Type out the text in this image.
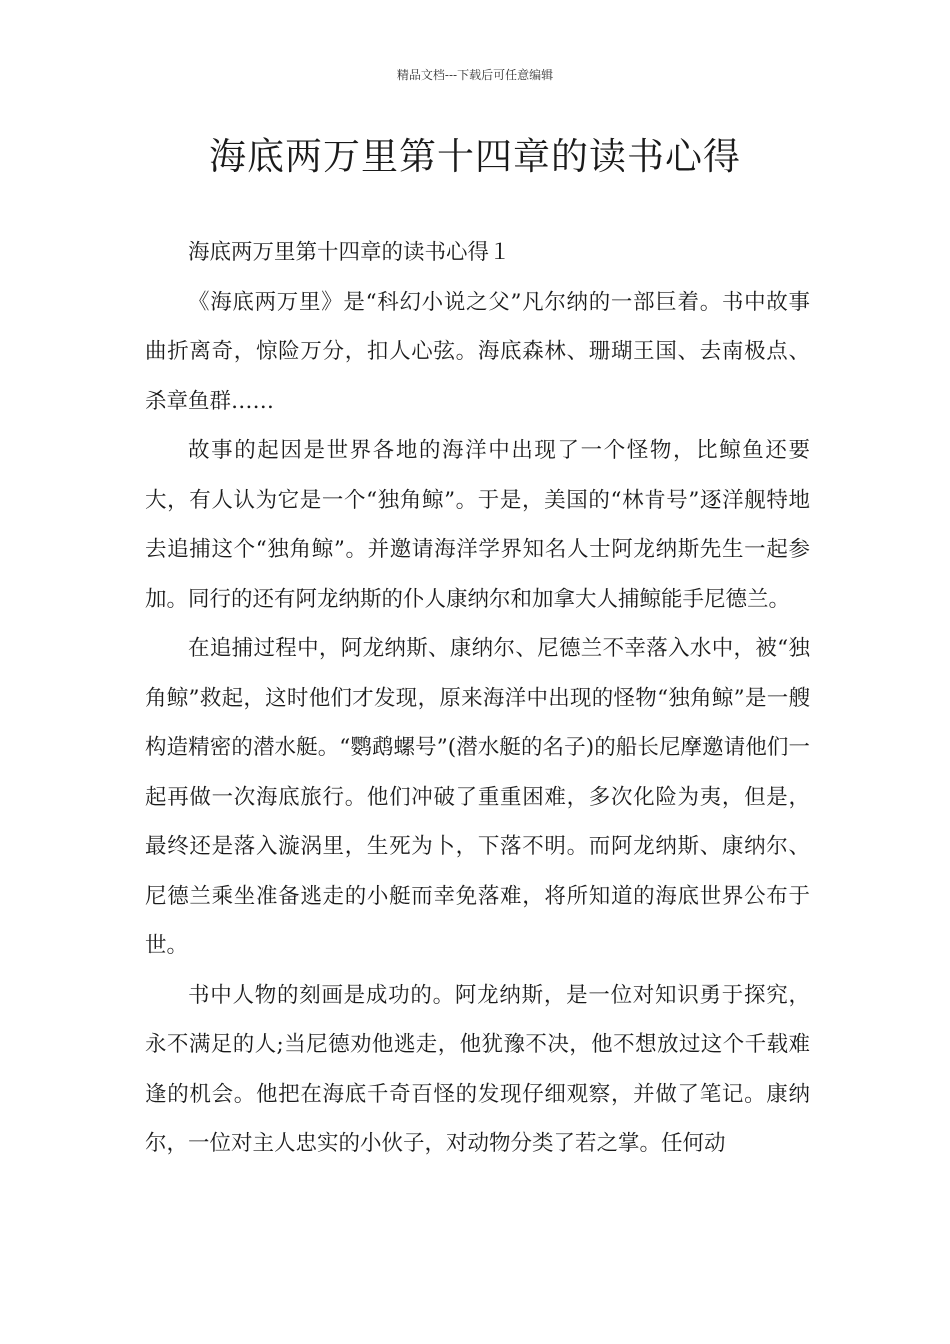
精品文档---下载后可任意编辑
海底两万里第十四章的读书心得

海底两万里第十四章的读书心得１

《海底两万里》是“科幻小说之父”凡尔纳的一部巨着。书中故事曲折离奇，惊险万分，扣人心弦。海底森林、珊瑚王国、去南极点、杀章鱼群……

故事的起因是世界各地的海洋中出现了一个怪物，比鲸鱼还要大，有人认为它是一个“独角鲸”。于是，美国的“林肯号”逐洋舰特地去追捕这个“独角鲸”。并邀请海洋学界知名人士阿龙纳斯先生一起参加。同行的还有阿龙纳斯的仆人康纳尔和加拿大人捕鲸能手尼德兰。

在追捕过程中，阿龙纳斯、康纳尔、尼德兰不幸落入水中，被“独角鲸”救起，这时他们才发现，原来海洋中出现的怪物“独角鲸”是一艘构造精密的潜水艇。“鹦鹉螺号”(潜水艇的名子)的船长尼摩邀请他们一起再做一次海底旅行。他们冲破了重重困难，多次化险为夷，但是，最终还是落入漩涡里，生死为卜，下落不明。而阿龙纳斯、康纳尔、尼德兰乘坐准备逃走的小艇而幸免落难，将所知道的海底世界公布于世。

书中人物的刻画是成功的。阿龙纳斯，是一位对知识勇于探究，永不满足的人;当尼德劝他逃走，他犹豫不决，他不想放过这个千载难逢的机会。他把在海底千奇百怪的发现仔细观察，并做了笔记。康纳尔，一位对主人忠实的小伙子，对动物分类了若之掌。任何动
